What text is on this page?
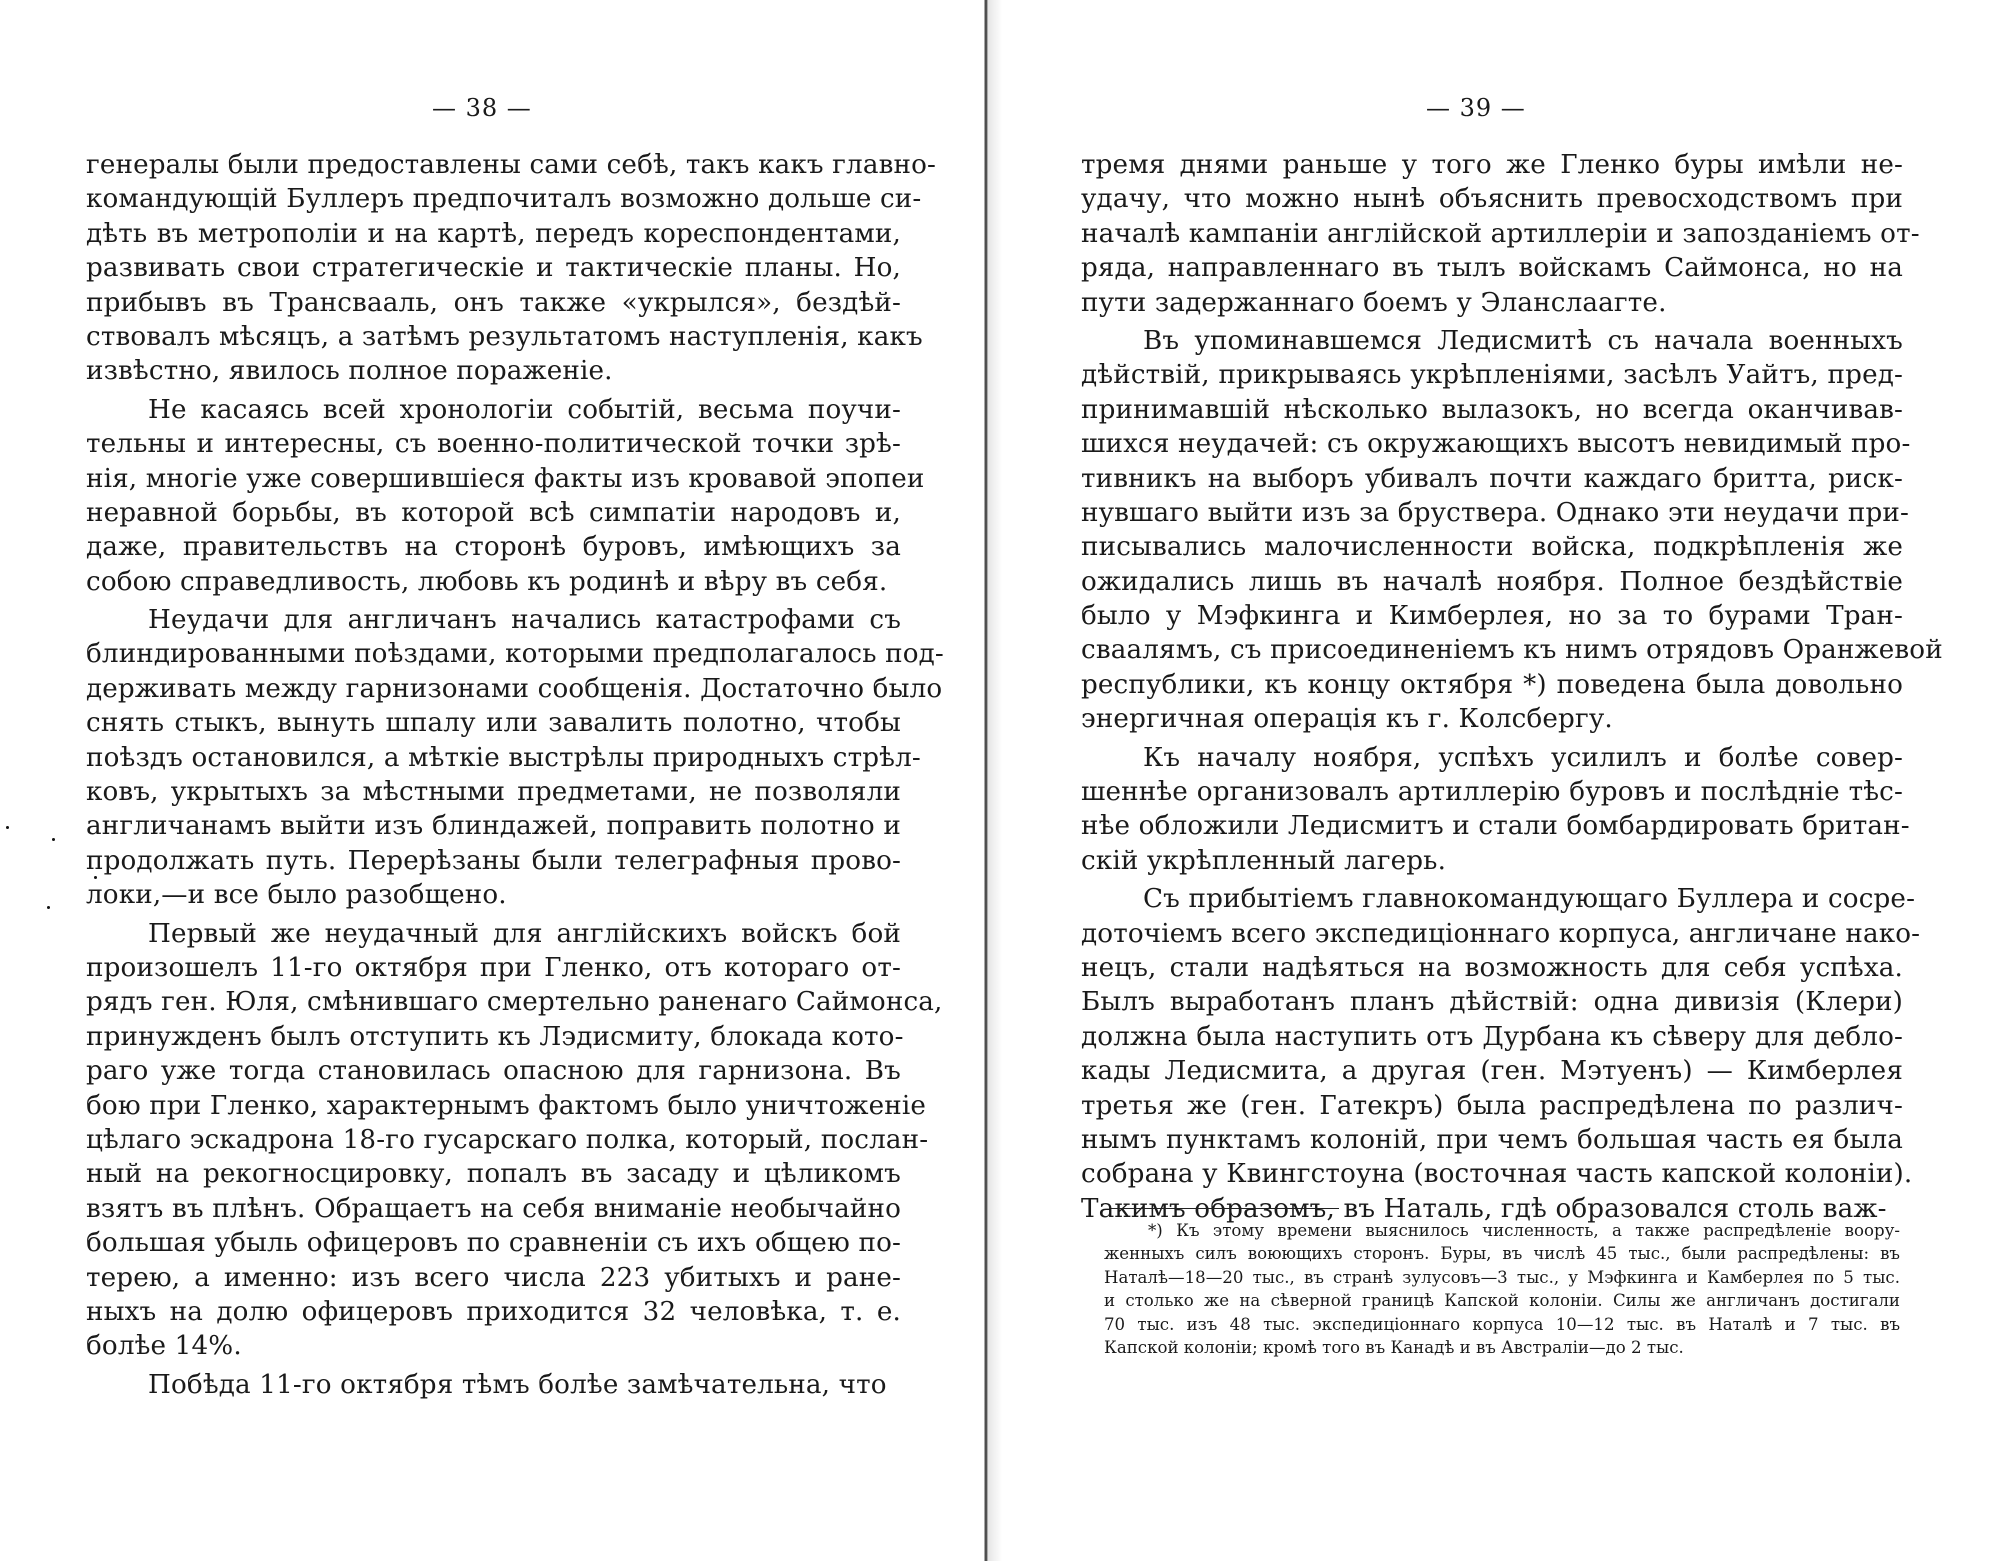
— 38 —
генералы были предоставлены сами себѣ, такъ какъ главно-
командующій Буллеръ предпочиталъ возможно дольше си-
дѣть въ метрополіи и на картѣ, передъ кореспондентами,
развивать свои стратегическіе и тактическіе планы. Но,
прибывъ въ Трансвааль, онъ также «укрылся», бездѣй-
ствовалъ мѣсяцъ, а затѣмъ результатомъ наступленія, какъ
извѣстно, явилось полное пораженіе.
Не касаясь всей хронологіи событій, весьма поучи-
тельны и интересны, съ военно-политической точки зрѣ-
нія, многіе уже совершившіеся факты изъ кровавой эпопеи
неравной борьбы, въ которой всѣ симпатіи народовъ и,
даже, правительствъ на сторонѣ буровъ, имѣющихъ за
собою справедливость, любовь къ родинѣ и вѣру въ себя.
Неудачи для англичанъ начались катастрофами съ
блиндированными поѣздами, которыми предполагалось под-
держивать между гарнизонами сообщенія. Достаточно было
снять стыкъ, вынуть шпалу или завалить полотно, чтобы
поѣздъ остановился, а мѣткіе выстрѣлы природныхъ стрѣл-
ковъ, укрытыхъ за мѣстными предметами, не позволяли
англичанамъ выйти изъ блиндажей, поправить полотно и
продолжать путь. Перерѣзаны были телеграфныя прово-
локи,—и все было разобщено.
Первый же неудачный для англійскихъ войскъ бой
произошелъ 11-го октября при Гленко, отъ котораго от-
рядъ ген. Юля, смѣнившаго смертельно раненаго Саймонса,
принужденъ былъ отступить къ Лэдисмиту, блокада кото-
раго уже тогда становилась опасною для гарнизона. Въ
бою при Гленко, характернымъ фактомъ было уничтоженіе
цѣлаго эскадрона 18-го гусарскаго полка, который, послан-
ный на рекогносцировку, попалъ въ засаду и цѣликомъ
взятъ въ плѣнъ. Обращаетъ на себя вниманіе необычайно
большая убыль офицеровъ по сравненіи съ ихъ общею по-
терею, а именно: изъ всего числа 223 убитыхъ и ране-
ныхъ на долю офицеровъ приходится 32 человѣка, т. е.
болѣе 14%.
Побѣда 11-го октября тѣмъ болѣе замѣчательна, что
— 39 —
тремя днями раньше у того же Гленко буры имѣли не-
удачу, что можно нынѣ объяснить превосходствомъ при
началѣ кампаніи англійской артиллеріи и запозданіемъ от-
ряда, направленнаго въ тылъ войскамъ Саймонса, но на
пути задержаннаго боемъ у Эланслаагте.
Въ упоминавшемся Ледисмитѣ съ начала военныхъ
дѣйствій, прикрываясь укрѣпленіями, засѣлъ Уайтъ, пред-
принимавшій нѣсколько вылазокъ, но всегда оканчивав-
шихся неудачей: съ окружающихъ высотъ невидимый про-
тивникъ на выборъ убивалъ почти каждаго бритта, риск-
нувшаго выйти изъ за бруствера. Однако эти неудачи при-
писывались малочисленности войска, подкрѣпленія же
ожидались лишь въ началѣ ноября. Полное бездѣйствіе
было у Мэфкинга и Кимберлея, но за то бурами Тран-
сваалямъ, съ присоединеніемъ къ нимъ отрядовъ Оранжевой
республики, къ концу октября *) поведена была довольно
энергичная операція къ г. Колсбергу.
Къ началу ноября, успѣхъ усилилъ и болѣе совер-
шеннѣе организовалъ артиллерію буровъ и послѣдніе тѣс-
нѣе обложили Ледисмитъ и стали бомбардировать британ-
скій укрѣпленный лагерь.
Съ прибытіемъ главнокомандующаго Буллера и сосре-
доточіемъ всего экспедиціоннаго корпуса, англичане нако-
нецъ, стали надѣяться на возможность для себя успѣха.
Былъ выработанъ планъ дѣйствій: одна дивизія (Клери)
должна была наступить отъ Дурбана къ сѣверу для дебло-
кады Ледисмита, а другая (ген. Мэтуенъ) — Кимберлея
третья же (ген. Гатекръ) была распредѣлена по различ-
нымъ пунктамъ колоній, при чемъ большая часть ея была
собрана у Квингстоуна (восточная часть капской колоніи).
Такимъ образомъ, въ Наталь, гдѣ образовался столь важ-
*) Къ этому времени выяснилось численность, а также распредѣленіе воору-
женныхъ силъ воюющихъ сторонъ. Буры, въ числѣ 45 тыс., были распредѣлены: въ
Наталѣ—18—20 тыс., въ странѣ зулусовъ—3 тыс., у Мэфкинга и Камберлея по 5 тыс.
и столько же на сѣверной границѣ Капской колоніи. Силы же англичанъ достигали
70 тыс. изъ 48 тыс. экспедиціоннаго корпуса 10—12 тыс. въ Наталѣ и 7 тыс. въ
Капской колоніи; кромѣ того въ Канадѣ и въ Австраліи—до 2 тыс.
